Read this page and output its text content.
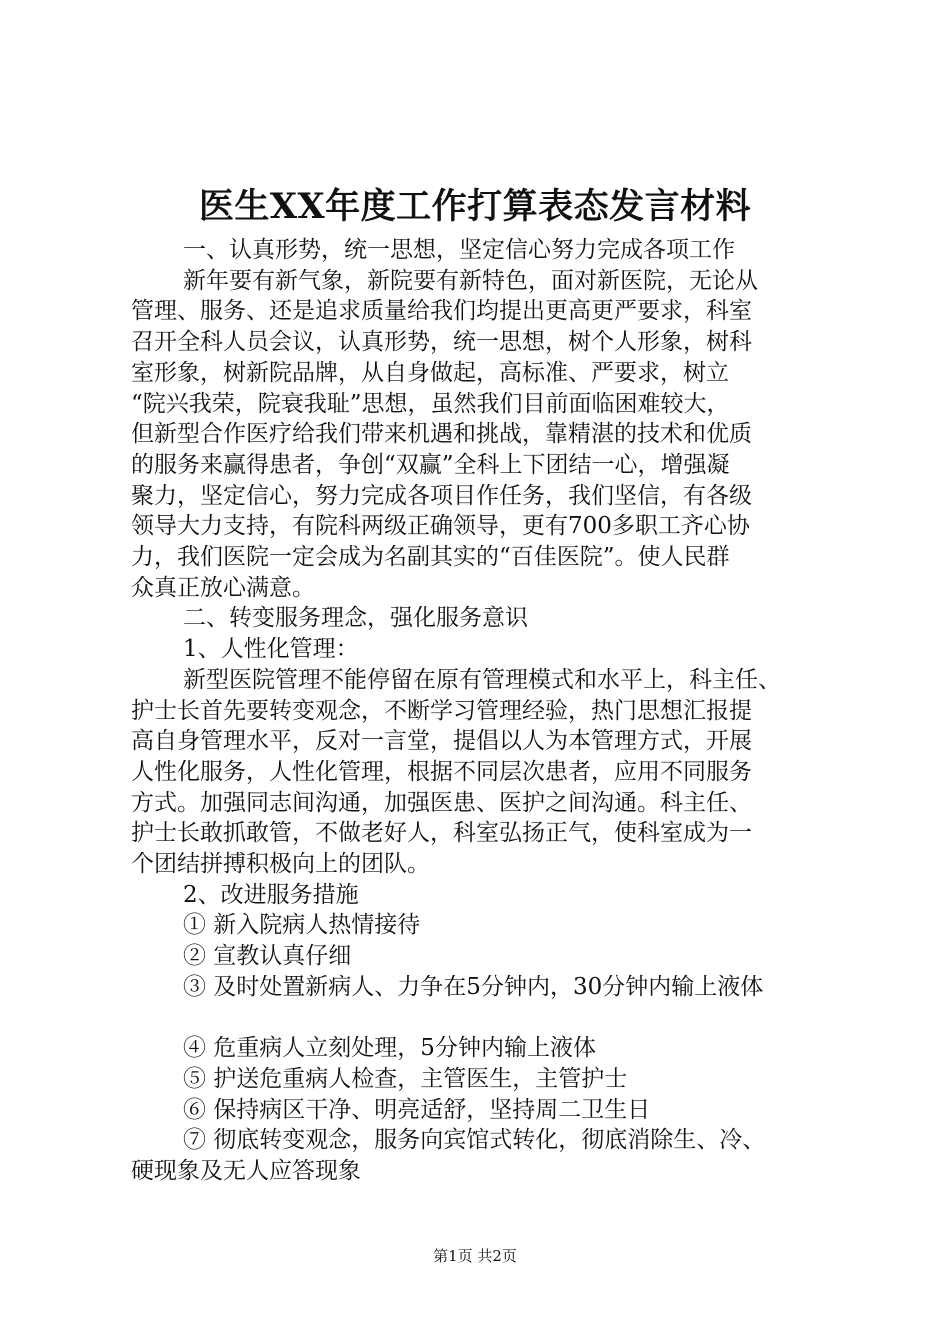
医生XX年度工作打算表态发言材料

一、认真形势，统一思想，坚定信心努力完成各项工作

新年要有新气象，新院要有新特色，面对新医院，无论从

管理、服务、还是追求质量给我们均提出更高更严要求，科室

召开全科人员会议，认真形势，统一思想，树个人形象，树科

室形象，树新院品牌，从自身做起，高标准、严要求，树立

“院兴我荣，院衰我耻”思想，虽然我们目前面临困难较大，

但新型合作医疗给我们带来机遇和挑战，靠精湛的技术和优质

的服务来赢得患者，争创“双赢”全科上下团结一心，增强凝

聚力，坚定信心，努力完成各项目作任务，我们坚信，有各级

领导大力支持，有院科两级正确领导，更有700多职工齐心协

力，我们医院一定会成为名副其实的“百佳医院”。使人民群

众真正放心满意。

二、转变服务理念，强化服务意识

1、人性化管理：

新型医院管理不能停留在原有管理模式和水平上，科主任、

护士长首先要转变观念，不断学习管理经验，热门思想汇报提

高自身管理水平，反对一言堂，提倡以人为本管理方式，开展

人性化服务，人性化管理，根据不同层次患者，应用不同服务

方式。加强同志间沟通，加强医患、医护之间沟通。科主任、

护士长敢抓敢管，不做老好人，科室弘扬正气，使科室成为一

个团结拼搏积极向上的团队。

2、改进服务措施

① 新入院病人热情接待

② 宣教认真仔细

③ 及时处置新病人、力争在5分钟内，30分钟内输上液体

④ 危重病人立刻处理，5分钟内输上液体

⑤ 护送危重病人检查，主管医生，主管护士

⑥ 保持病区干净、明亮适舒，坚持周二卫生日

⑦ 彻底转变观念，服务向宾馆式转化，彻底消除生、冷、

硬现象及无人应答现象

第1页 共2页
